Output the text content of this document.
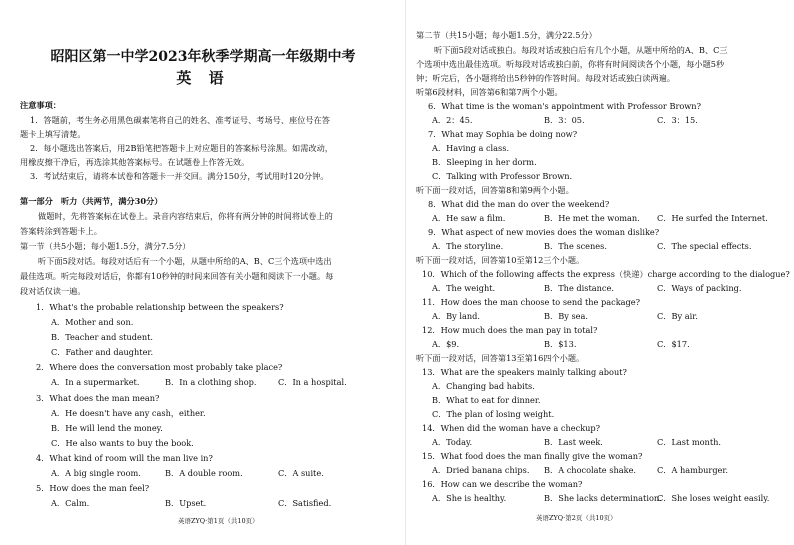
昭阳区第一中学2023年秋季学期高一年级期中考
英 语
注意事项：
1．答题前，考生务必用黑色碳素笔将自己的姓名、准考证号、考场号、座位号在答
题卡上填写清楚。
2．每小题选出答案后，用2B铅笔把答题卡上对应题目的答案标号涂黑。如需改动，
用橡皮擦干净后，再选涂其他答案标号。在试题卷上作答无效。
3．考试结束后，请将本试卷和答题卡一并交回。满分150分，考试用时120分钟。
第一部分　听力（共两节，满分30分）
做题时，先将答案标在试卷上。录音内容结束后，你将有两分钟的时间将试卷上的
答案转涂到答题卡上。
第一节（共5小题；每小题1.5分，满分7.5分）
听下面5段对话。每段对话后有一个小题，从题中所给的A、B、C三个选项中选出
最佳选项。听完每段对话后，你都有10秒钟的时间来回答有关小题和阅读下一小题。每
段对话仅读一遍。
1．What's the probable relationship between the speakers?
A．Mother and son.
B．Teacher and student.
C．Father and daughter.
2．Where does the conversation most probably take place?
A．In a supermarket.	B．In a clothing shop.	C．In a hospital.
3．What does the man mean?
A．He doesn't have any cash，either.
B．He will lend the money.
C．He also wants to buy the book.
4．What kind of room will the man live in?
A．A big single room.	B．A double room.	C．A suite.
5．How does the man feel?
A．Calm.	B．Upset.	C．Satisfied.
英语ZYQ·第1页（共10页）
第二节（共15小题；每小题1.5分，满分22.5分）
听下面5段对话或独白。每段对话或独白后有几个小题，从题中所给的A、B、C三
个选项中选出最佳选项。听每段对话或独白前，你将有时间阅读各个小题，每小题5秒
钟；听完后，各小题将给出5秒钟的作答时间。每段对话或独白读两遍。
听第6段材料，回答第6和第7两个小题。
6．What time is the woman's appointment with Professor Brown?
A．2：45.	B．3：05.	C．3：15.
7．What may Sophia be doing now?
A．Having a class.
B．Sleeping in her dorm.
C．Talking with Professor Brown.
听下面一段对话，回答第8和第9两个小题。
8．What did the man do over the weekend?
A．He saw a film.	B．He met the woman. C．He surfed the Internet.
9．What aspect of new movies does the woman dislike?
A．The storyline.	B．The scenes.	C．The special effects.
听下面一段对话，回答第10至第12三个小题。
10．Which of the following affects the express（快递）charge according to the dialogue?
A．The weight.	B．The distance.	C．Ways of packing.
11．How does the man choose to send the package?
A．By land.	B．By sea.	C．By air.
12．How much does the man pay in total?
A．$9.	B．$13.	C．$17.
听下面一段对话，回答第13至第16四个小题。
13．What are the speakers mainly talking about?
A．Changing bad habits.
B．What to eat for dinner.
C．The plan of losing weight.
14．When did the woman have a checkup?
A．Today.	B．Last week.	C．Last month.
15．What food does the man finally give the woman?
A．Dried banana chips. B．A chocolate shake.	C．A hamburger.
16．How can we describe the woman?
A．She is healthy.	B．She lacks determination.
C．She loses weight easily.
英语ZYQ·第2页（共10页）
